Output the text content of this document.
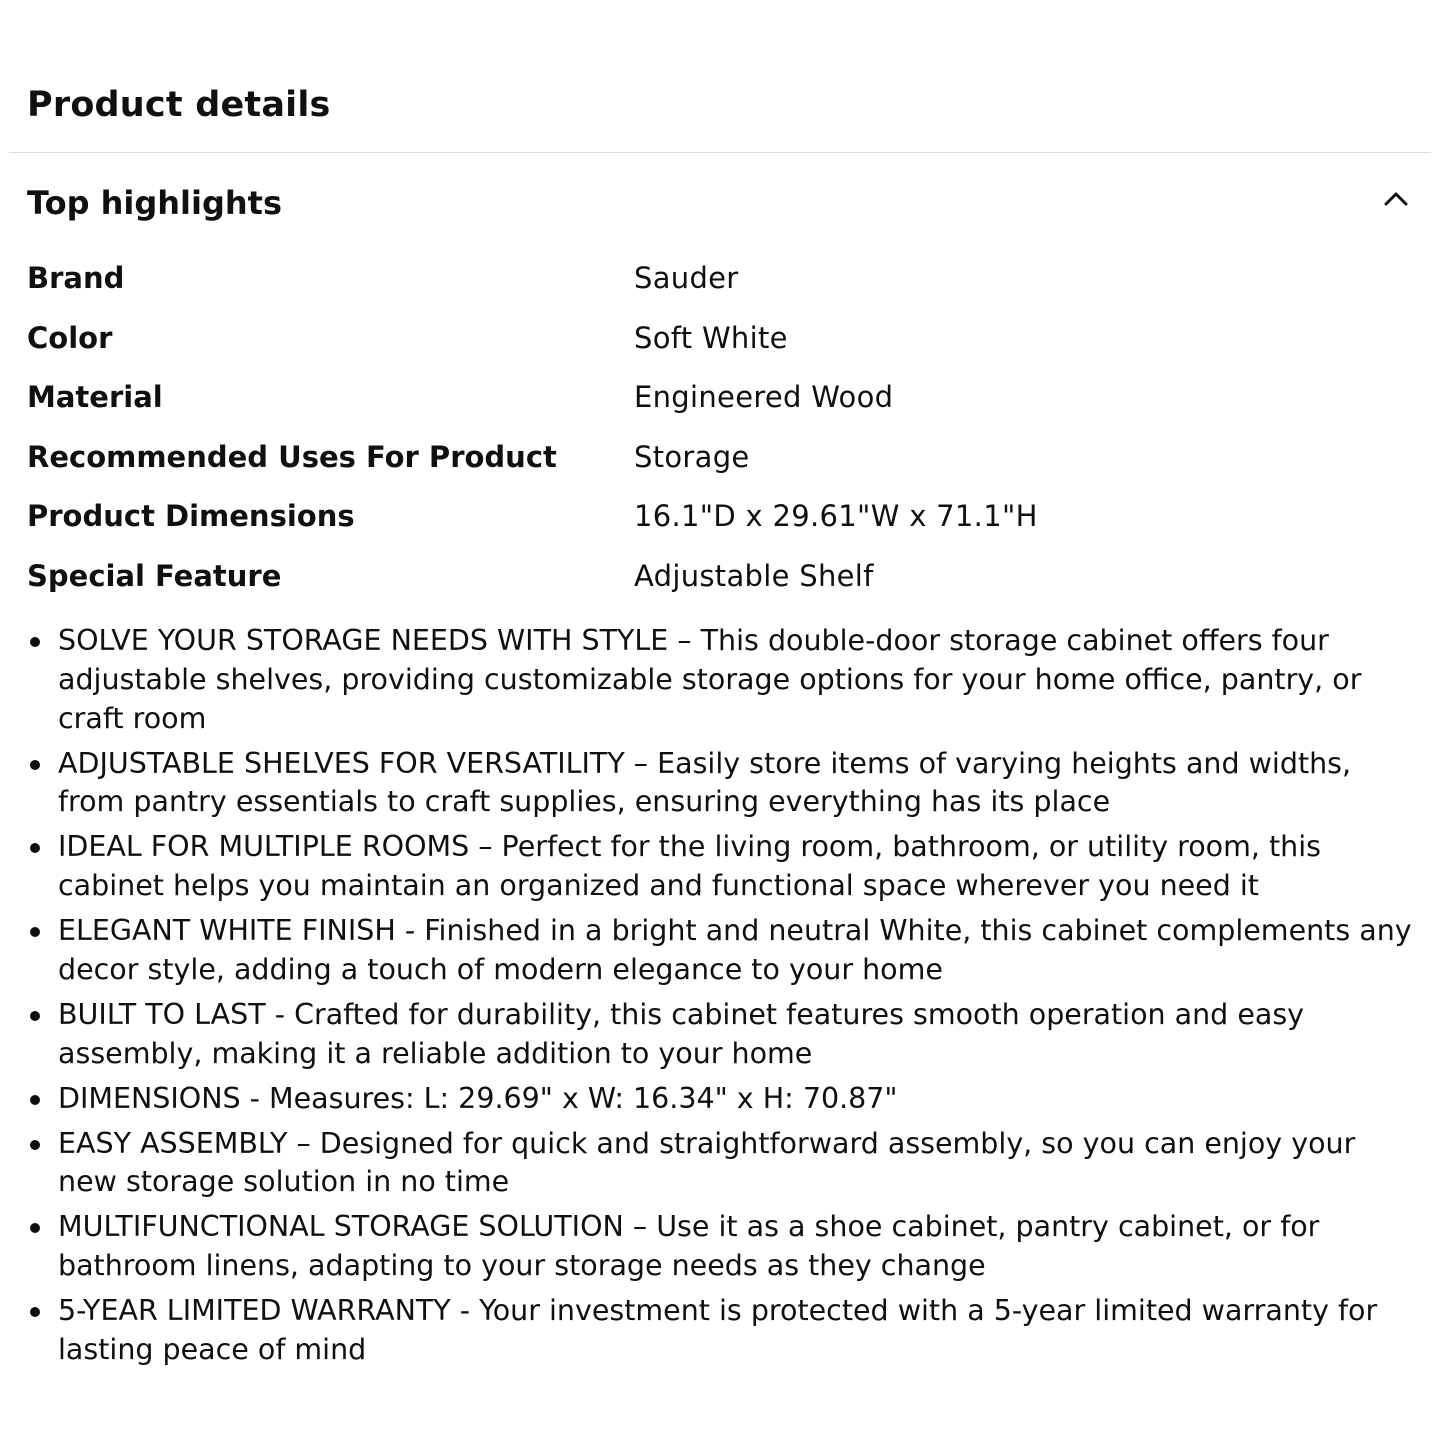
Product details
Top highlights
Brand	Sauder
Color	Soft White
Material	Engineered Wood
Recommended Uses For Product	Storage
Product Dimensions	16.1"D x 29.61"W x 71.1"H
Special Feature	Adjustable Shelf
SOLVE YOUR STORAGE NEEDS WITH STYLE – This double-door storage cabinet offers four adjustable shelves, providing customizable storage options for your home office, pantry, or craft room
ADJUSTABLE SHELVES FOR VERSATILITY – Easily store items of varying heights and widths, from pantry essentials to craft supplies, ensuring everything has its place
IDEAL FOR MULTIPLE ROOMS – Perfect for the living room, bathroom, or utility room, this cabinet helps you maintain an organized and functional space wherever you need it
ELEGANT WHITE FINISH - Finished in a bright and neutral White, this cabinet complements any decor style, adding a touch of modern elegance to your home
BUILT TO LAST - Crafted for durability, this cabinet features smooth operation and easy assembly, making it a reliable addition to your home
DIMENSIONS - Measures: L: 29.69" x W: 16.34" x H: 70.87"
EASY ASSEMBLY – Designed for quick and straightforward assembly, so you can enjoy your new storage solution in no time
MULTIFUNCTIONAL STORAGE SOLUTION – Use it as a shoe cabinet, pantry cabinet, or for bathroom linens, adapting to your storage needs as they change
5-YEAR LIMITED WARRANTY - Your investment is protected with a 5-year limited warranty for lasting peace of mind
